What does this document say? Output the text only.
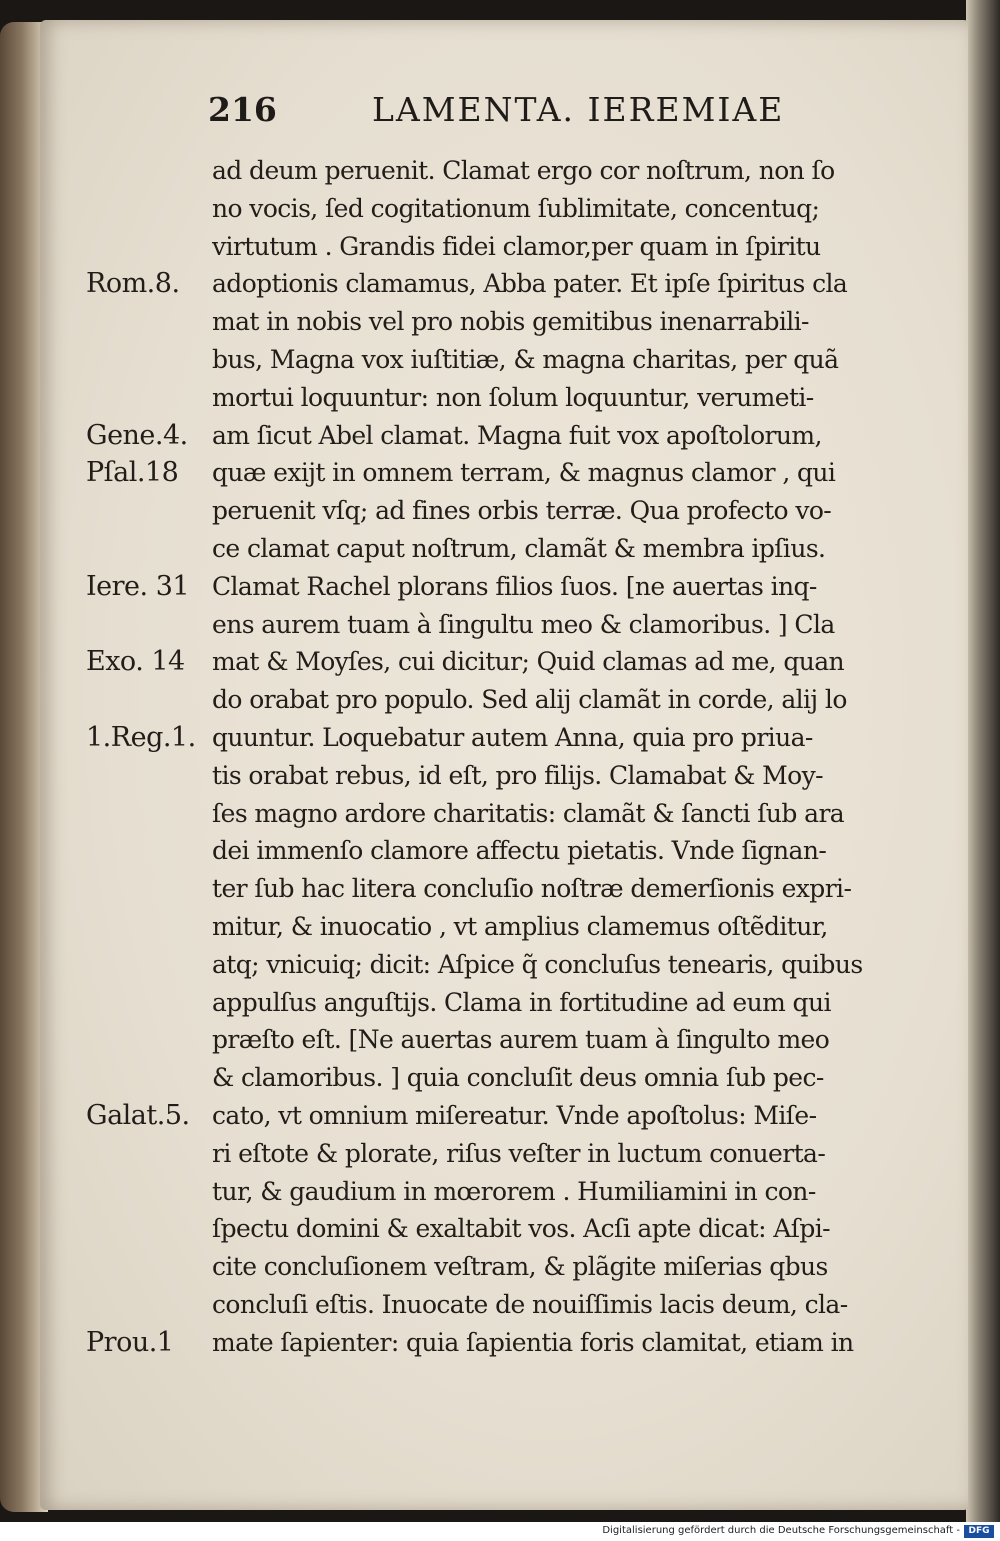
216	LAMENTA. IEREMIAE
ad deum peruenit. Clamat ergo cor noſtrum, non ſo
no vocis, ſed cogitationum ſublimitate, concentuq;
virtutum . Grandis fidei clamor,per quam in ſpiritu
adoptionis clamamus, Abba pater. Et ipſe ſpiritus cla
mat in nobis vel pro nobis gemitibus inenarrabili-
bus, Magna vox iuſtitiæ, & magna charitas, per quã
mortui loquuntur: non ſolum loquuntur, verumeti-
am ſicut Abel clamat. Magna fuit vox apoſtolorum,
quæ exijt in omnem terram, & magnus clamor , qui
peruenit vſq; ad fines orbis terræ. Qua profecto vo-
ce clamat caput noſtrum, clamãt & membra ipſius.
Clamat Rachel plorans filios ſuos. [ne auertas inq-
ens aurem tuam à ſingultu meo & clamoribus. ] Cla
mat & Moyſes, cui dicitur; Quid clamas ad me, quan
do orabat pro populo. Sed alij clamãt in corde, alij lo
quuntur. Loquebatur autem Anna, quia pro priua-
tis orabat rebus, id eſt, pro filijs. Clamabat & Moy-
ſes magno ardore charitatis: clamãt & ſancti ſub ara
dei immenſo clamore affectu pietatis. Vnde ſignan-
ter ſub hac litera concluſio noſtræ demerſionis expri-
mitur, & inuocatio , vt amplius clamemus oſtẽditur,
atq; vnicuiq; dicit: Aſpice q̃ concluſus tenearis, quibus
appulſus anguſtijs. Clama in fortitudine ad eum qui
præſto eſt. [Ne auertas aurem tuam à ſingulto meo
& clamoribus. ] quia concluſit deus omnia ſub pec-
cato, vt omnium miſereatur. Vnde apoſtolus: Miſe-
ri eſtote & plorate, riſus veſter in luctum conuerta-
tur, & gaudium in mœrorem . Humiliamini in con-
ſpectu domini & exaltabit vos. Acſi apte dicat: Aſpi-
cite concluſionem veſtram, & plãgite miſerias qbus
concluſi eſtis. Inuocate de nouiſſimis lacis deum, cla-
mate ſapienter: quia ſapientia foris clamitat, etiam in
Rom.8.
Gene.4.
Pſal.18
Iere. 31
Exo. 14
1.Reg.1.
Galat.5.
Prou.1
Digitalisierung gefördert durch die Deutsche Forschungsgemeinschaft - DFG
